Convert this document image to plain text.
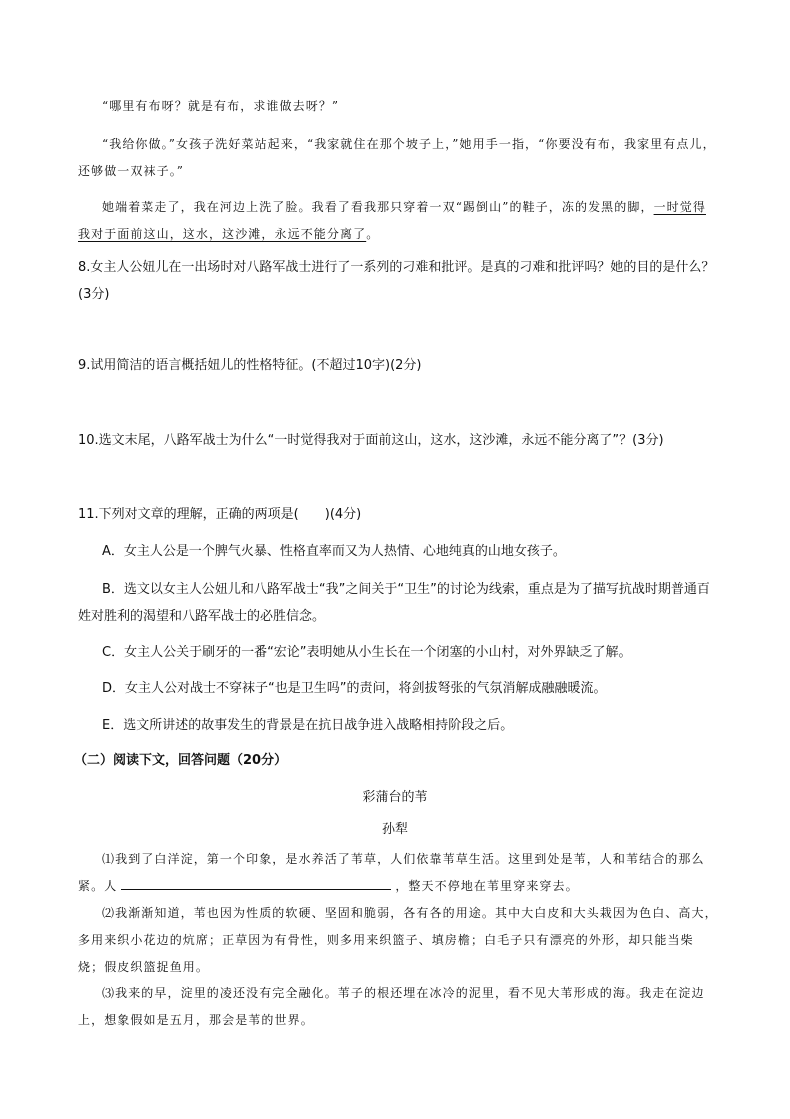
“哪里有布呀？就是有布，求谁做去呀？”

“我给你做。”女孩子洗好菜站起来，“我家就住在那个坡子上，”她用手一指，“你要没有布，我家里有点儿，还够做一双袜子。”

她端着菜走了，我在河边上洗了脸。我看了看我那只穿着一双“踢倒山”的鞋子，冻的发黑的脚，一时觉得我对于面前这山，这水，这沙滩，永远不能分离了。

8.女主人公妞儿在一出场时对八路军战士进行了一系列的刁难和批评。是真的刁难和批评吗？她的目的是什么？(3分)

9.试用简洁的语言概括妞儿的性格特征。(不超过10字)(2分)

10.选文末尾，八路军战士为什么“一时觉得我对于面前这山，这水，这沙滩，永远不能分离了”？(3分)

11.下列对文章的理解，正确的两项是(　　)(4分)

A．女主人公是一个脾气火暴、性格直率而又为人热情、心地纯真的山地女孩子。

B．选文以女主人公妞儿和八路军战士“我”之间关于“卫生”的讨论为线索，重点是为了描写抗战时期普通百姓对胜利的渴望和八路军战士的必胜信念。

C．女主人公关于刷牙的一番“宏论”表明她从小生长在一个闭塞的小山村，对外界缺乏了解。

D．女主人公对战士不穿袜子“也是卫生吗”的责问，将剑拔弩张的气氛消解成融融暖流。

E．选文所讲述的故事发生的背景是在抗日战争进入战略相持阶段之后。

（二）阅读下文，回答问题（20分）

彩蒲台的苇
孙犁

⑴我到了白洋淀，第一个印象，是水养活了苇草，人们依靠苇草生活。这里到处是苇，人和苇结合的那么紧。人	，整天不停地在苇里穿来穿去。

⑵我渐渐知道，苇也因为性质的软硬、坚固和脆弱，各有各的用途。其中大白皮和大头栽因为色白、高大，多用来织小花边的炕席；正草因为有骨性，则多用来织篮子、填房檐；白毛子只有漂亮的外形，却只能当柴烧；假皮织篮捉鱼用。

⑶我来的早，淀里的凌还没有完全融化。苇子的根还埋在冰冷的泥里，看不见大苇形成的海。我走在淀边上，想象假如是五月，那会是苇的世界。
